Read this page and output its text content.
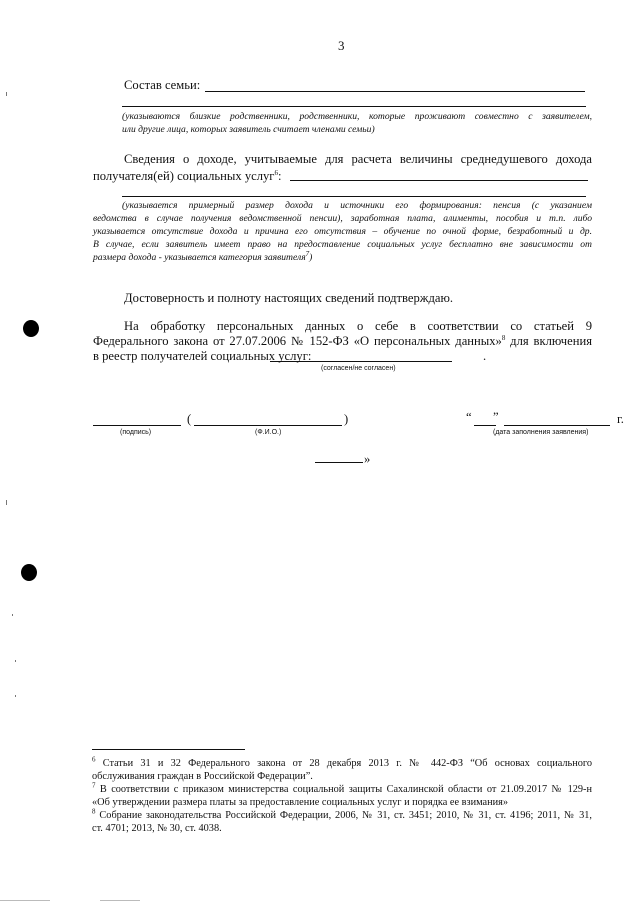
3
Состав семьи:
(указываются близкие родственники, родственники, которые проживают совместно с заявителем,
или другие лица, которых заявитель считает членами семьи)
Сведения о доходе, учитываемые для расчета величины среднедушевого дохода
получателя(ей) социальных услуг$^6$:
(указывается примерный размер дохода и источники его формирования: пенсия (с указанием
ведомства в случае получения ведомственной пенсии), заработная плата, алименты, пособия и т.п. либо
указывается отсутствие дохода и причина его отсутствия – обучение по очной форме, безработный и др.
В случае, если заявитель имеет право на предоставление социальных услуг бесплатно вне зависимости от
размера дохода - указывается категория заявителя$^7$)
Достоверность и полноту настоящих сведений подтверждаю.
На обработку персональных данных о себе в соответствии со статьей 9
Федерального закона от 27.07.2006 № 152-ФЗ «О персональных данных»$^8$ для включения
в реестр получателей социальных услуг:	.
(согласен/не согласен)
(	)	“ ”	г.
(подпись)	(Ф.И.О.)	(дата заполнения заявления)
»
$^6$ Статьи 31 и 32 Федерального закона от 28 декабря 2013 г. № 442-ФЗ “Об основах социального
обслуживания граждан в Российской Федерации”.
$^7$ В соответствии с приказом министерства социальной защиты Сахалинской области от 21.09.2017 № 129-н
«Об утверждении размера платы за предоставление социальных услуг и порядка ее взимания»
$^8$ Собрание законодательства Российской Федерации, 2006, № 31, ст. 3451; 2010, № 31, ст. 4196; 2011, № 31,
ст. 4701; 2013, № 30, ст. 4038.
